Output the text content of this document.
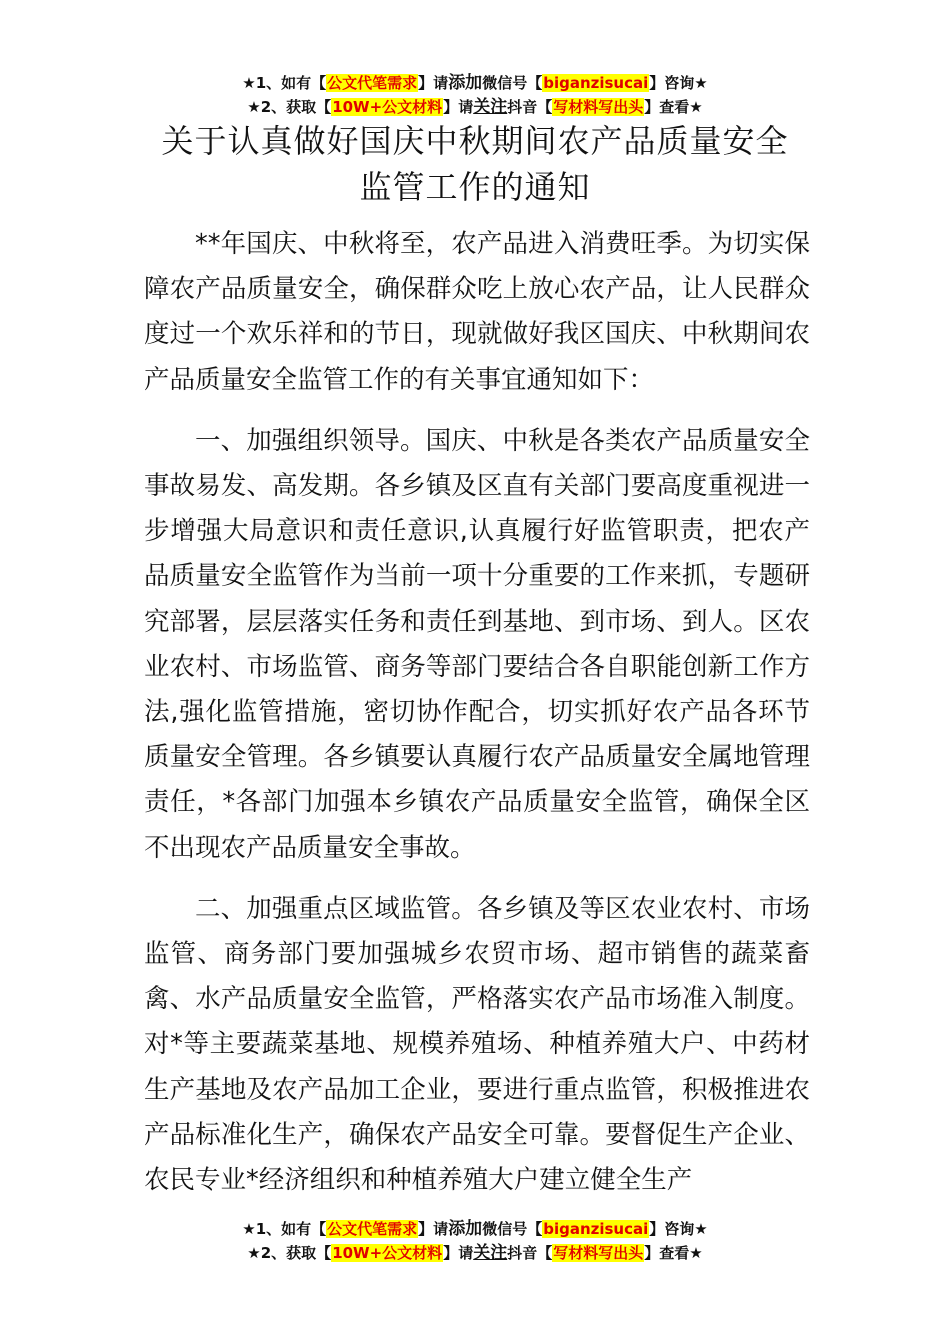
★1、如有【公文代笔需求】请添加微信号【biganzisucai】咨询★
★2、获取【10W+公文材料】请关注抖音【写材料写出头】查看★
关于认真做好国庆中秋期间农产品质量安全
监管工作的通知

**年国庆、中秋将至，农产品进入消费旺季。为切实保障农产品质量安全，确保群众吃上放心农产品，让人民群众度过一个欢乐祥和的节日，现就做好我区国庆、中秋期间农产品质量安全监管工作的有关事宜通知如下：

一、加强组织领导。国庆、中秋是各类农产品质量安全事故易发、高发期。各乡镇及区直有关部门要高度重视进一步增强大局意识和责任意识,认真履行好监管职责，把农产品质量安全监管作为当前一项十分重要的工作来抓，专题研究部署，层层落实任务和责任到基地、到市场、到人。区农业农村、市场监管、商务等部门要结合各自职能创新工作方法,强化监管措施，密切协作配合，切实抓好农产品各环节质量安全管理。各乡镇要认真履行农产品质量安全属地管理责任，*各部门加强本乡镇农产品质量安全监管，确保全区不出现农产品质量安全事故。

二、加强重点区域监管。各乡镇及等区农业农村、市场监管、商务部门要加强城乡农贸市场、超市销售的蔬菜畜禽、水产品质量安全监管，严格落实农产品市场准入制度。对*等主要蔬菜基地、规模养殖场、种植养殖大户、中药材生产基地及农产品加工企业，要进行重点监管，积极推进农产品标准化生产，确保农产品安全可靠。要督促生产企业、农民专业*经济组织和种植养殖大户建立健全生产

★1、如有【公文代笔需求】请添加微信号【biganzisucai】咨询★
★2、获取【10W+公文材料】请关注抖音【写材料写出头】查看★
